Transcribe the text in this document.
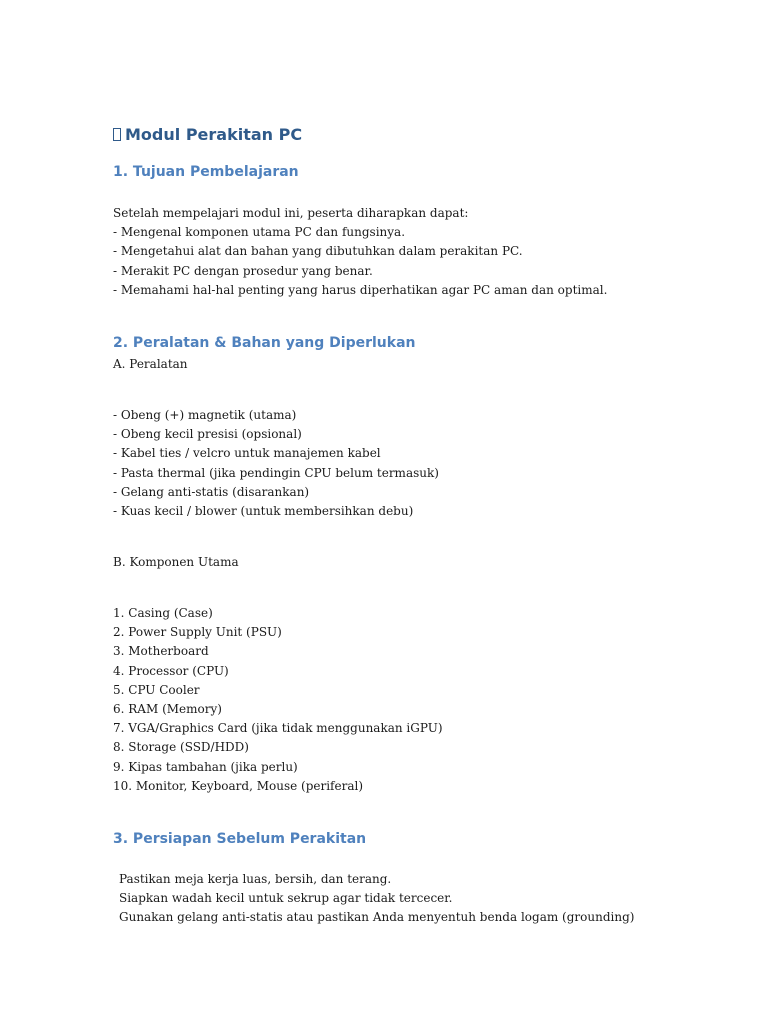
Modul Perakitan PC
1. Tujuan Pembelajaran
Setelah mempelajari modul ini, peserta diharapkan dapat:
- Mengenal komponen utama PC dan fungsinya.
- Mengetahui alat dan bahan yang dibutuhkan dalam perakitan PC.
- Merakit PC dengan prosedur yang benar.
- Memahami hal-hal penting yang harus diperhatikan agar PC aman dan optimal.
2. Peralatan & Bahan yang Diperlukan
A. Peralatan
- Obeng (+) magnetik (utama)
- Obeng kecil presisi (opsional)
- Kabel ties / velcro untuk manajemen kabel
- Pasta thermal (jika pendingin CPU belum termasuk)
- Gelang anti-statis (disarankan)
- Kuas kecil / blower (untuk membersihkan debu)
B. Komponen Utama
1. Casing (Case)
2. Power Supply Unit (PSU)
3. Motherboard
4. Processor (CPU)
5. CPU Cooler
6. RAM (Memory)
7. VGA/Graphics Card (jika tidak menggunakan iGPU)
8. Storage (SSD/HDD)
9. Kipas tambahan (jika perlu)
10. Monitor, Keyboard, Mouse (periferal)
3. Persiapan Sebelum Perakitan
Pastikan meja kerja luas, bersih, dan terang.
Siapkan wadah kecil untuk sekrup agar tidak tercecer.
Gunakan gelang anti-statis atau pastikan Anda menyentuh benda logam (grounding)
